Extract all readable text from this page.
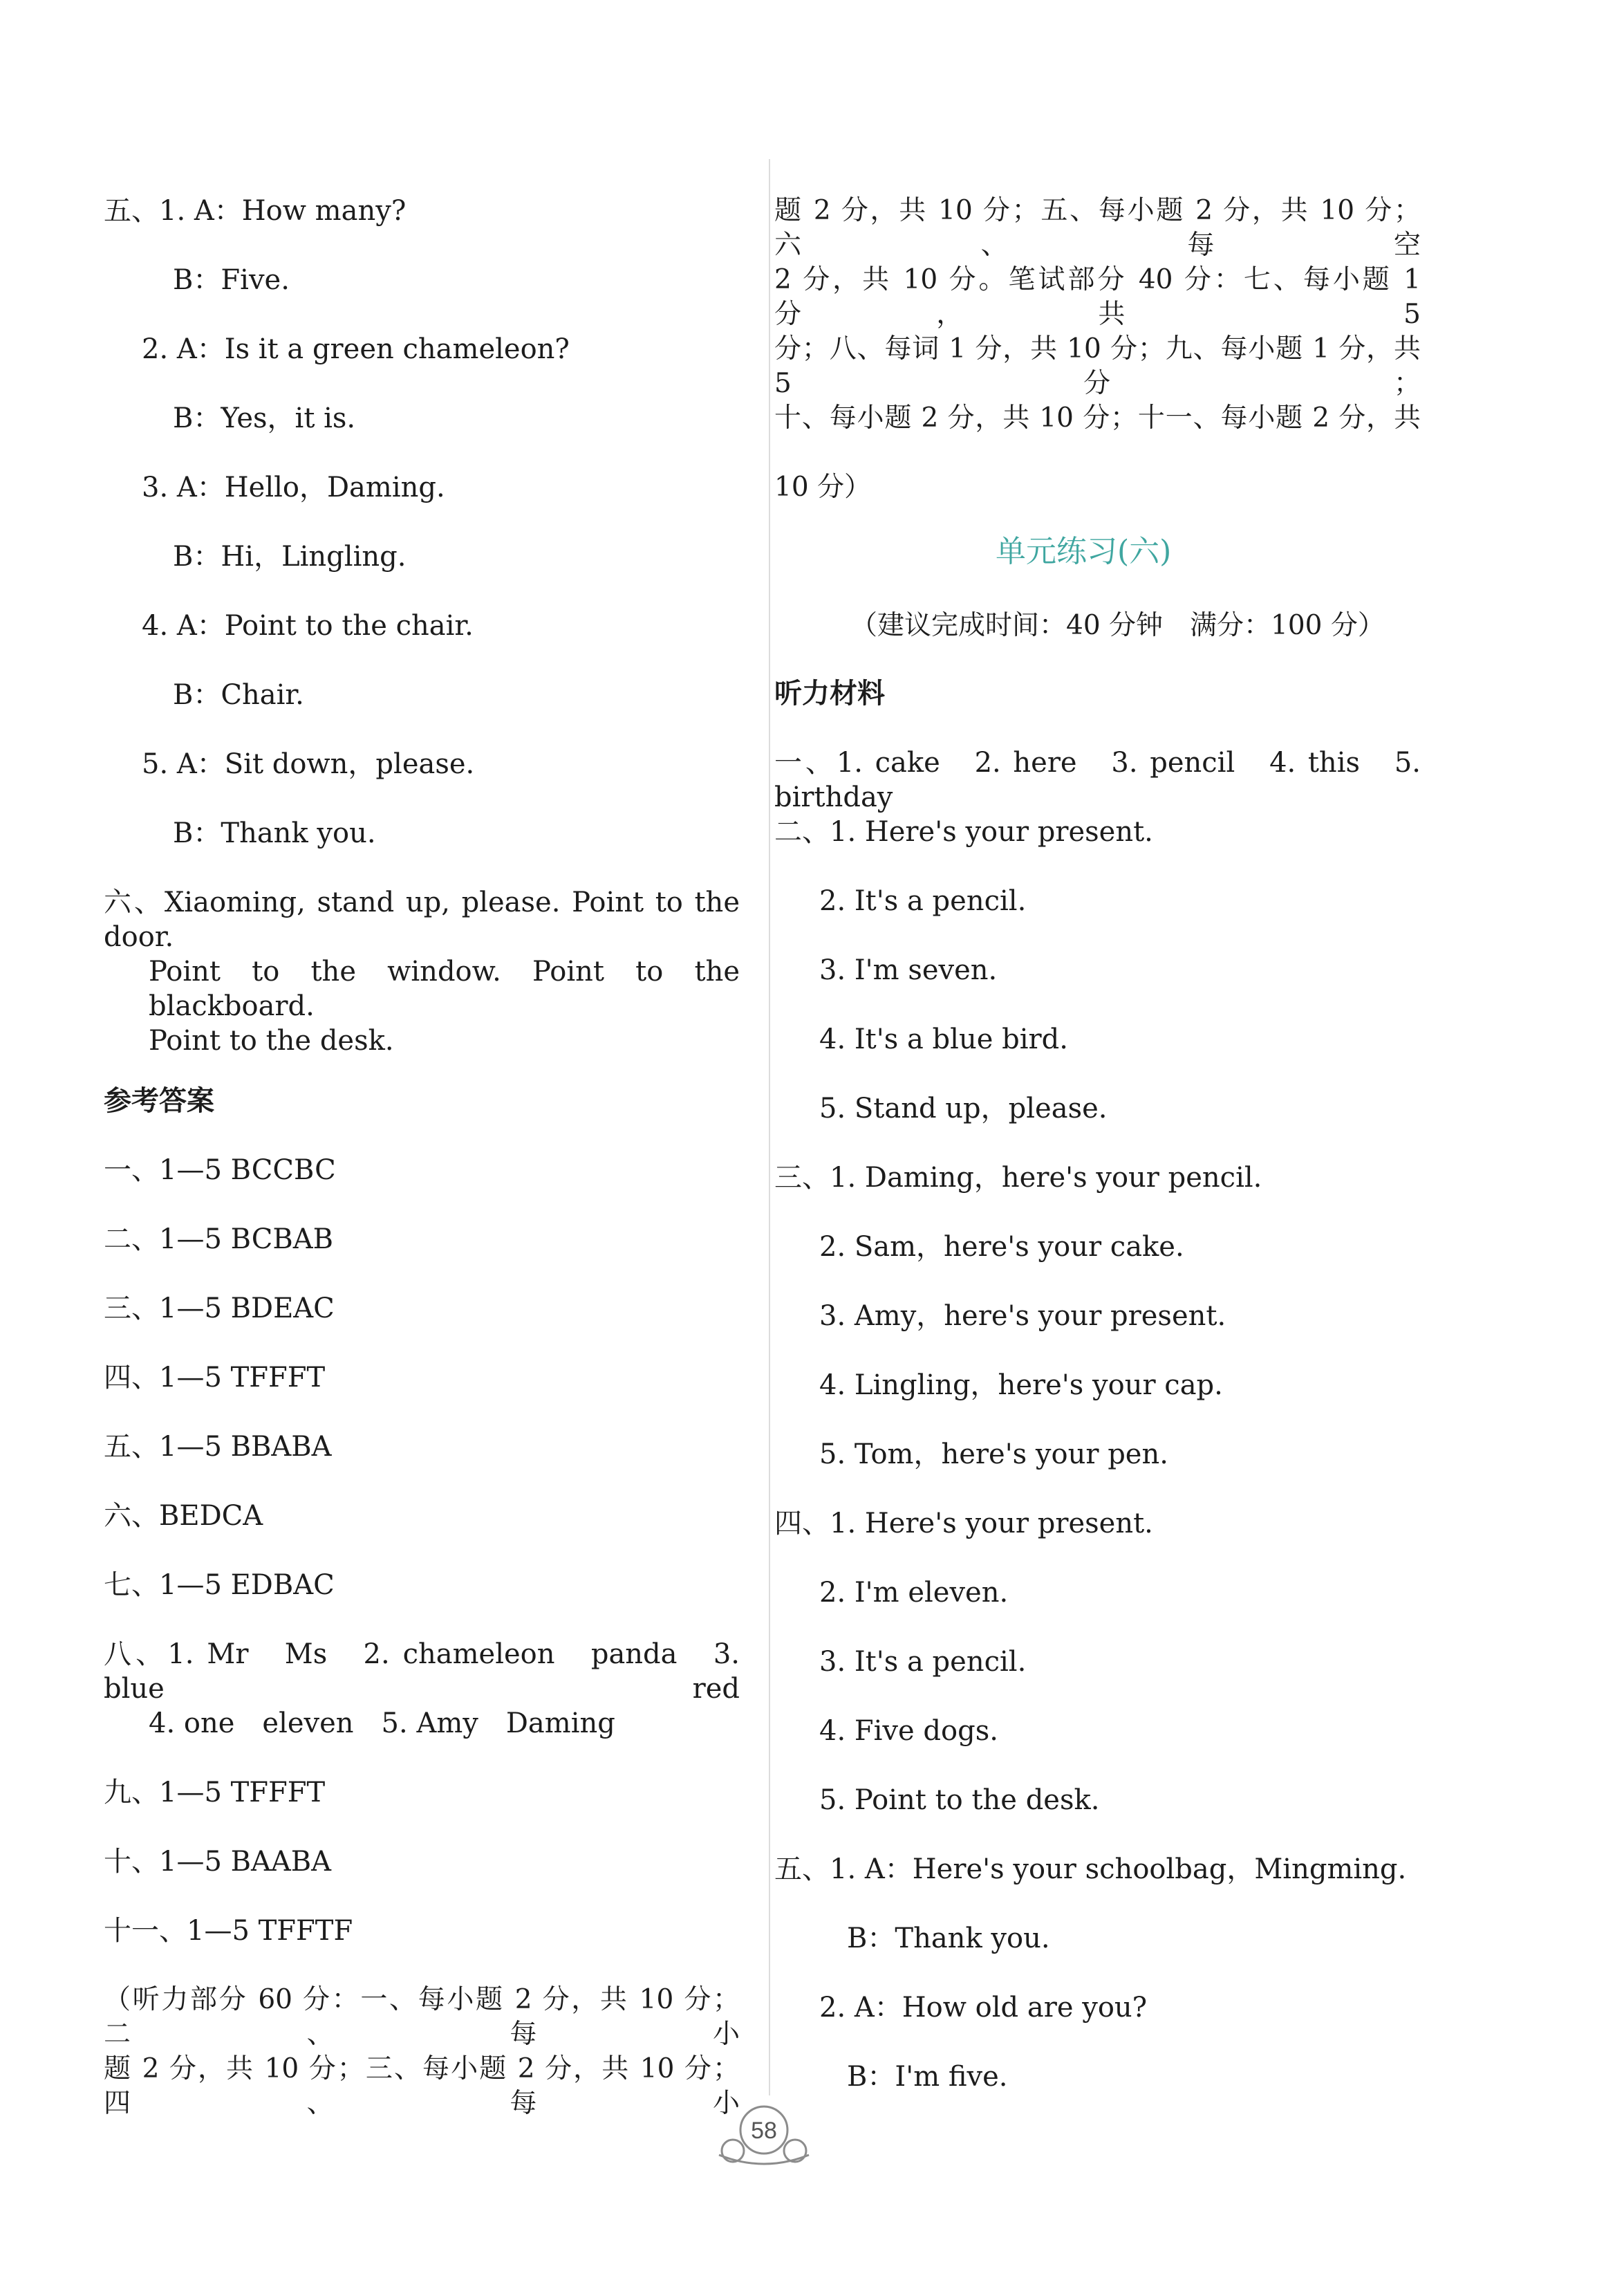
五、1. A：How many?
B：Five.
2. A：Is it a green chameleon?
B：Yes，it is.
3. A：Hello，Daming.
B：Hi，Lingling.
4. A：Point to the chair.
B：Chair.
5. A：Sit down，please.
B：Thank you.
六、Xiaoming, stand up, please. Point to the door.
Point to the window. Point to the blackboard.
Point to the desk.
参考答案
一、1—5 BCCBC
二、1—5 BCBAB
三、1—5 BDEAC
四、1—5 TFFFT
五、1—5 BBABA
六、BEDCA
七、1—5 EDBAC
八、1. Mr　Ms　2. chameleon　panda　3. blue　red
4. one　eleven　5. Amy　Daming
九、1—5 TFFFT
十、1—5 BAABA
十一、1—5 TFFTF
（听力部分 60 分：一、每小题 2 分，共 10 分；二、每小
题 2 分，共 10 分；三、每小题 2 分，共 10 分；四、每小
题 2 分，共 10 分；五、每小题 2 分，共 10 分；六、每空
2 分，共 10 分。笔试部分 40 分：七、每小题 1 分，共 5
分；八、每词 1 分，共 10 分；九、每小题 1 分，共 5 分；
十、每小题 2 分，共 10 分；十一、每小题 2 分，共
10 分）
单元练习(六)
（建议完成时间：40 分钟　满分：100 分）
听力材料
一、1. cake　2. here　3. pencil　4. this　5. birthday
二、1. Here's your present.
2. It's a pencil.
3. I'm seven.
4. It's a blue bird.
5. Stand up，please.
三、1. Daming，here's your pencil.
2. Sam，here's your cake.
3. Amy，here's your present.
4. Lingling，here's your cap.
5. Tom，here's your pen.
四、1. Here's your present.
2. I'm eleven.
3. It's a pencil.
4. Five dogs.
5. Point to the desk.
五、1. A：Here's your schoolbag，Mingming.
B：Thank you.
2. A：How old are you?
B：I'm five.
58
